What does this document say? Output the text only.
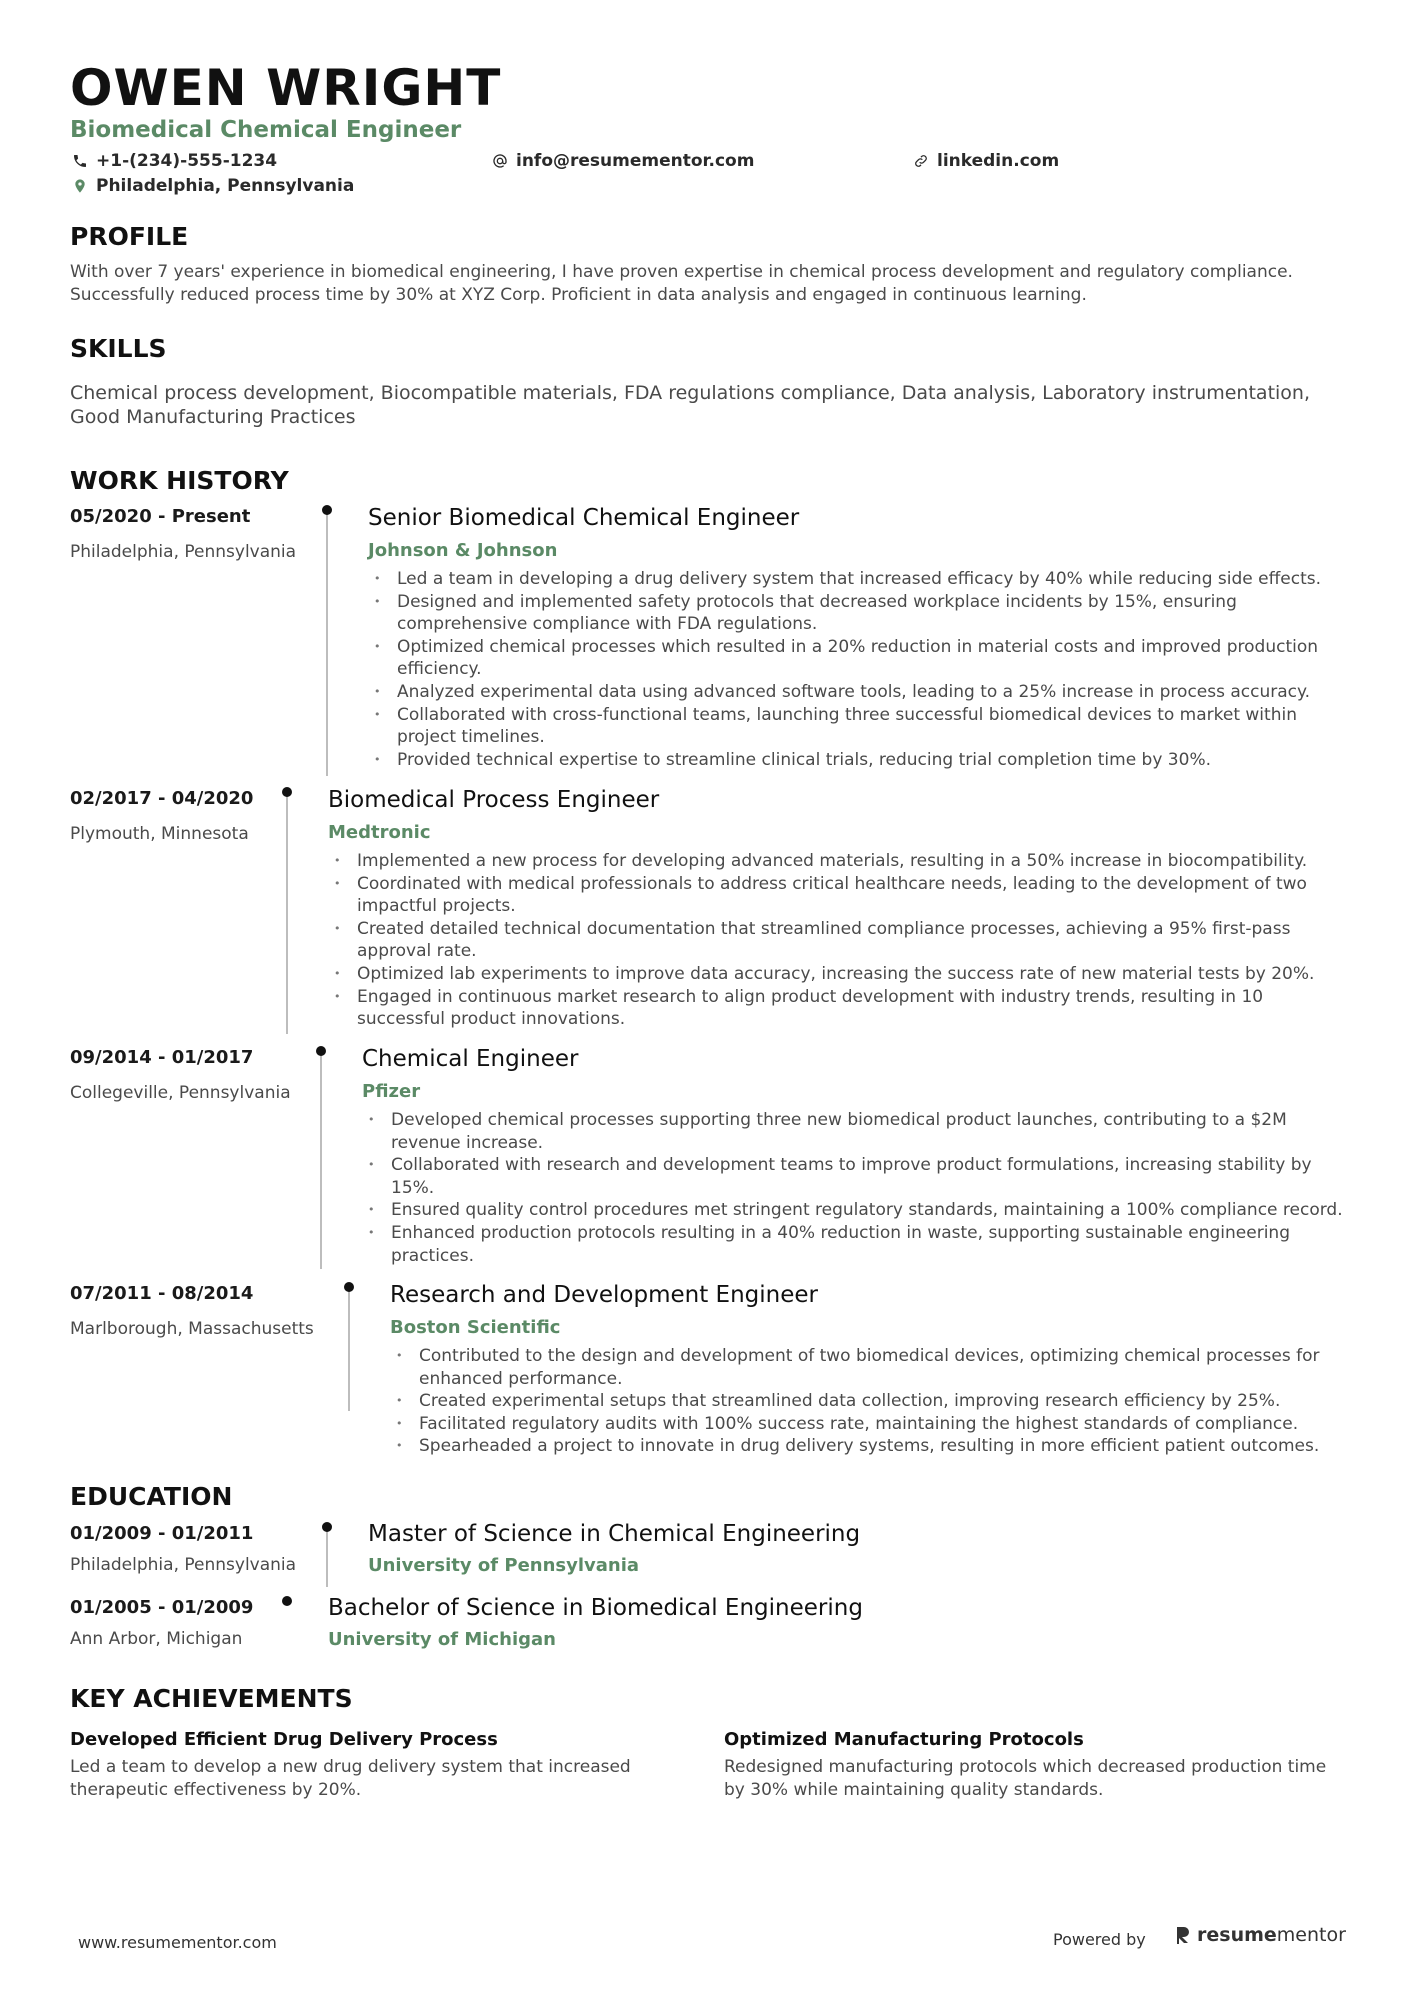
OWEN WRIGHT
Biomedical Chemical Engineer
+1-(234)-555-1234	info@resumementor.com	linkedin.com
Philadelphia, Pennsylvania
PROFILE
With over 7 years' experience in biomedical engineering, I have proven expertise in chemical process development and regulatory compliance. Successfully reduced process time by 30% at XYZ Corp. Proficient in data analysis and engaged in continuous learning.
SKILLS
Chemical process development, Biocompatible materials, FDA regulations compliance, Data analysis, Laboratory instrumentation, Good Manufacturing Practices
WORK HISTORY
05/2020 - Present
Philadelphia, Pennsylvania
Senior Biomedical Chemical Engineer
Johnson & Johnson
• Led a team in developing a drug delivery system that increased efficacy by 40% while reducing side effects.
• Designed and implemented safety protocols that decreased workplace incidents by 15%, ensuring comprehensive compliance with FDA regulations.
• Optimized chemical processes which resulted in a 20% reduction in material costs and improved production efficiency.
• Analyzed experimental data using advanced software tools, leading to a 25% increase in process accuracy.
• Collaborated with cross-functional teams, launching three successful biomedical devices to market within project timelines.
• Provided technical expertise to streamline clinical trials, reducing trial completion time by 30%.
02/2017 - 04/2020
Plymouth, Minnesota
Biomedical Process Engineer
Medtronic
• Implemented a new process for developing advanced materials, resulting in a 50% increase in biocompatibility.
• Coordinated with medical professionals to address critical healthcare needs, leading to the development of two impactful projects.
• Created detailed technical documentation that streamlined compliance processes, achieving a 95% first-pass approval rate.
• Optimized lab experiments to improve data accuracy, increasing the success rate of new material tests by 20%.
• Engaged in continuous market research to align product development with industry trends, resulting in 10 successful product innovations.
09/2014 - 01/2017
Collegeville, Pennsylvania
Chemical Engineer
Pfizer
• Developed chemical processes supporting three new biomedical product launches, contributing to a $2M revenue increase.
• Collaborated with research and development teams to improve product formulations, increasing stability by 15%.
• Ensured quality control procedures met stringent regulatory standards, maintaining a 100% compliance record.
• Enhanced production protocols resulting in a 40% reduction in waste, supporting sustainable engineering practices.
07/2011 - 08/2014
Marlborough, Massachusetts
Research and Development Engineer
Boston Scientific
• Contributed to the design and development of two biomedical devices, optimizing chemical processes for enhanced performance.
• Created experimental setups that streamlined data collection, improving research efficiency by 25%.
• Facilitated regulatory audits with 100% success rate, maintaining the highest standards of compliance.
• Spearheaded a project to innovate in drug delivery systems, resulting in more efficient patient outcomes.
EDUCATION
01/2009 - 01/2011
Philadelphia, Pennsylvania
Master of Science in Chemical Engineering
University of Pennsylvania
01/2005 - 01/2009
Ann Arbor, Michigan
Bachelor of Science in Biomedical Engineering
University of Michigan
KEY ACHIEVEMENTS
Developed Efficient Drug Delivery Process
Led a team to develop a new drug delivery system that increased therapeutic effectiveness by 20%.
Optimized Manufacturing Protocols
Redesigned manufacturing protocols which decreased production time by 30% while maintaining quality standards.
www.resumementor.com	Powered by	resumementor
